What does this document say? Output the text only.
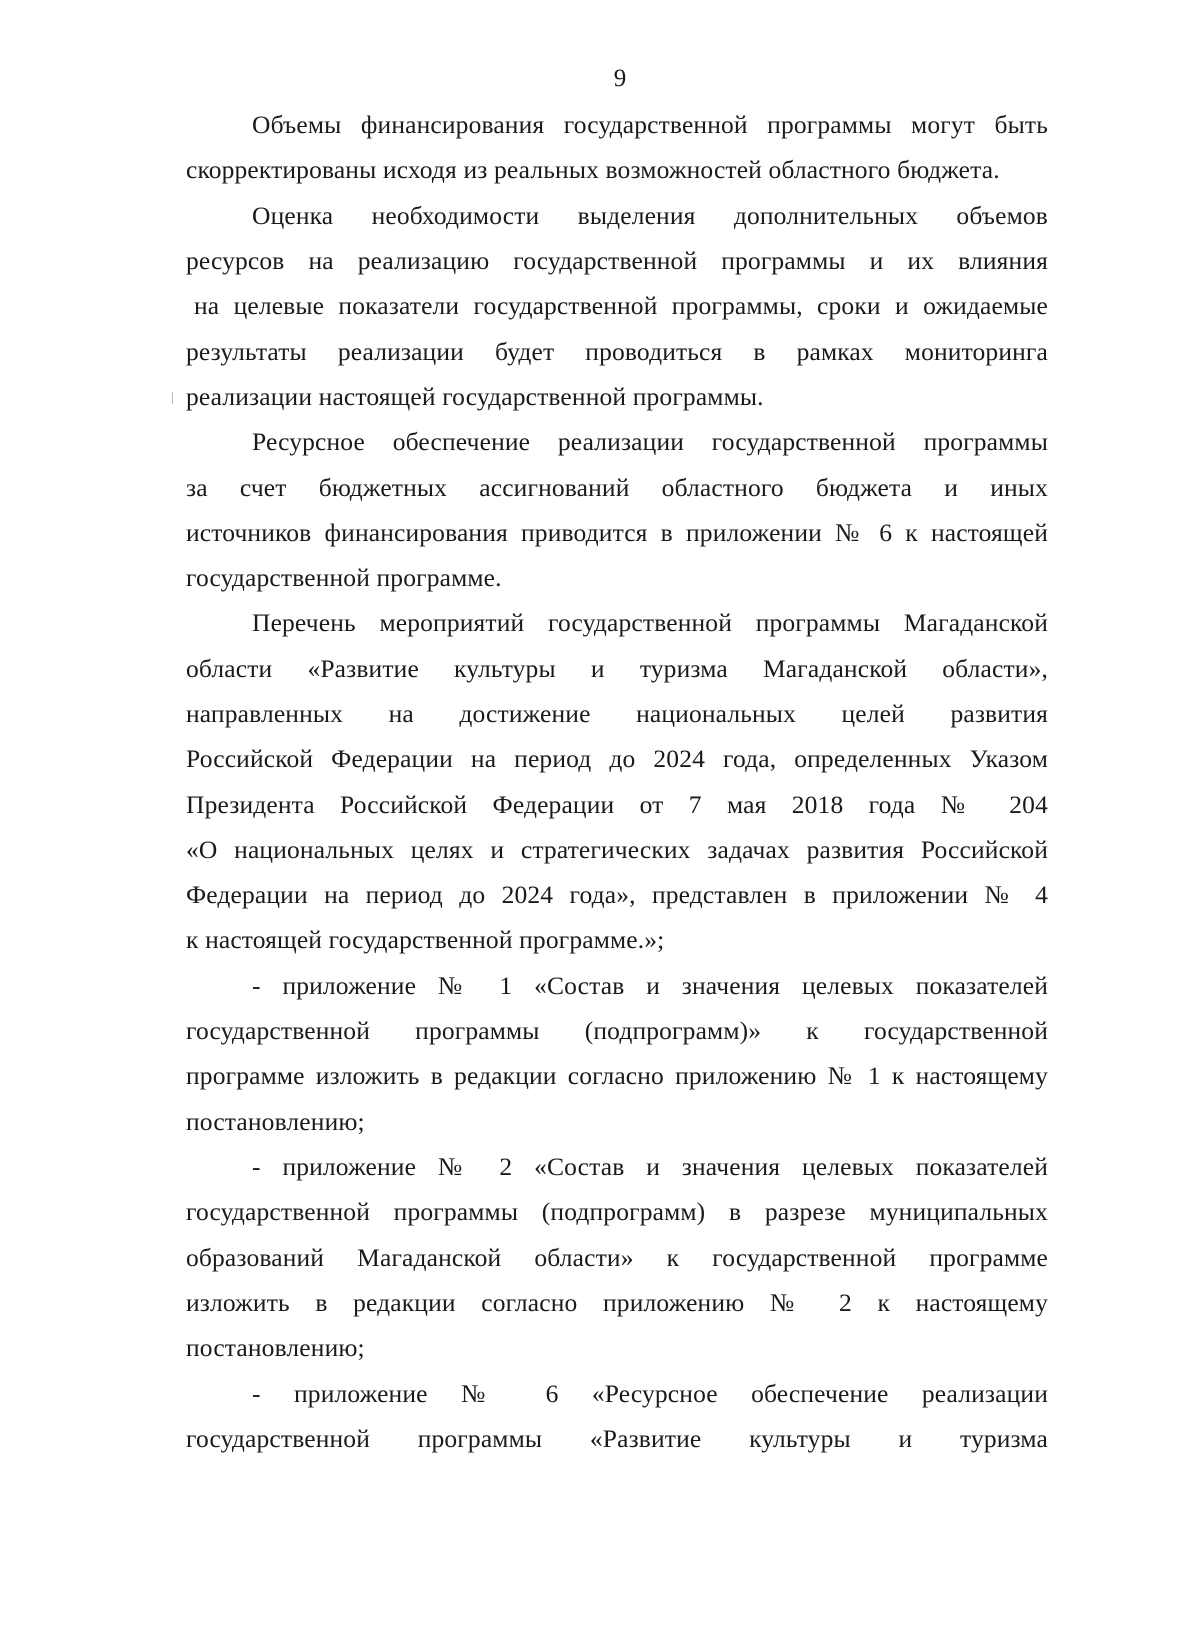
9
Объемы финансирования государственной программы могут быть
скорректированы исходя из реальных возможностей областного бюджета.
Оценка необходимости выделения дополнительных объемов
ресурсов на реализацию государственной программы и их влияния
на целевые показатели государственной программы, сроки и ожидаемые
результаты реализации будет проводиться в рамках мониторинга
реализации настоящей государственной программы.
Ресурсное обеспечение реализации государственной программы
за счет бюджетных ассигнований областного бюджета и иных
источников финансирования приводится в приложении № 6 к настоящей
государственной программе.
Перечень мероприятий государственной программы Магаданской
области «Развитие культуры и туризма Магаданской области»,
направленных на достижение национальных целей развития
Российской Федерации на период до 2024 года, определенных Указом
Президента Российской Федерации от 7 мая 2018 года № 204
«О национальных целях и стратегических задачах развития Российской
Федерации на период до 2024 года», представлен в приложении № 4
к настоящей государственной программе.»;
- приложение № 1 «Состав и значения целевых показателей
государственной программы (подпрограмм)» к государственной
программе изложить в редакции согласно приложению № 1 к настоящему
постановлению;
- приложение № 2 «Состав и значения целевых показателей
государственной программы (подпрограмм) в разрезе муниципальных
образований Магаданской области» к государственной программе
изложить в редакции согласно приложению № 2 к настоящему
постановлению;
- приложение № 6 «Ресурсное обеспечение реализации
государственной программы «Развитие культуры и туризма
